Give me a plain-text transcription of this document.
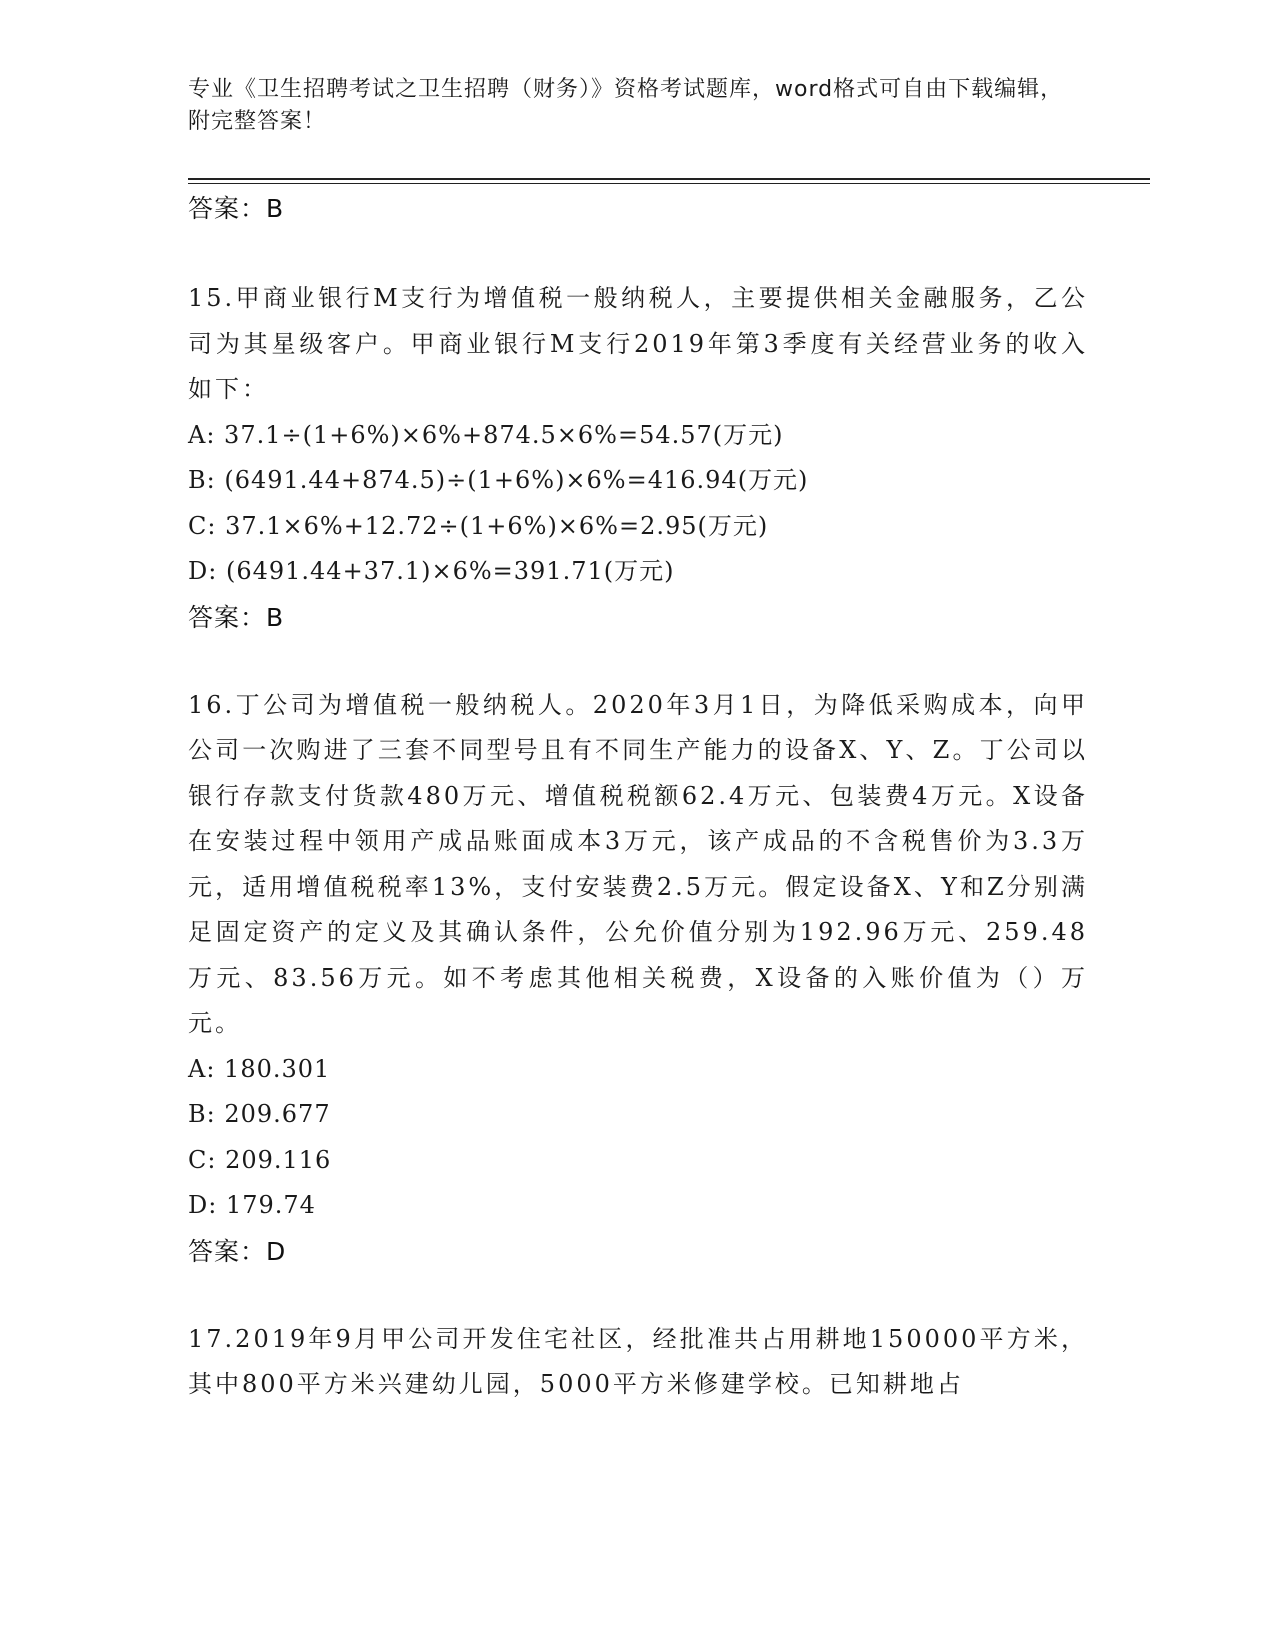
专业《卫生招聘考试之卫生招聘（财务）》资格考试题库，word格式可自由下载编辑，附完整答案！
答案：B
15.甲商业银行M支行为增值税一般纳税人，主要提供相关金融服务，乙公司为其星级客户。甲商业银行M支行2019年第3季度有关经营业务的收入如下：
A: 37.1÷(1+6%)×6%+874.5×6%=54.57(万元)
B: (6491.44+874.5)÷(1+6%)×6%=416.94(万元)
C: 37.1×6%+12.72÷(1+6%)×6%=2.95(万元)
D: (6491.44+37.1)×6%=391.71(万元)
答案：B
16.丁公司为增值税一般纳税人。2020年3月1日，为降低采购成本，向甲公司一次购进了三套不同型号且有不同生产能力的设备X、Y、Z。丁公司以银行存款支付货款480万元、增值税税额62.4万元、包装费4万元。X设备在安装过程中领用产成品账面成本3万元，该产成品的不含税售价为3.3万元，适用增值税税率13%，支付安装费2.5万元。假定设备X、Y和Z分别满足固定资产的定义及其确认条件，公允价值分别为192.96万元、259.48万元、83.56万元。如不考虑其他相关税费，X设备的入账价值为（）万元。
A: 180.301
B: 209.677
C: 209.116
D: 179.74
答案：D
17.2019年9月甲公司开发住宅社区，经批准共占用耕地150000平方米，其中800平方米兴建幼儿园，5000平方米修建学校。已知耕地占
